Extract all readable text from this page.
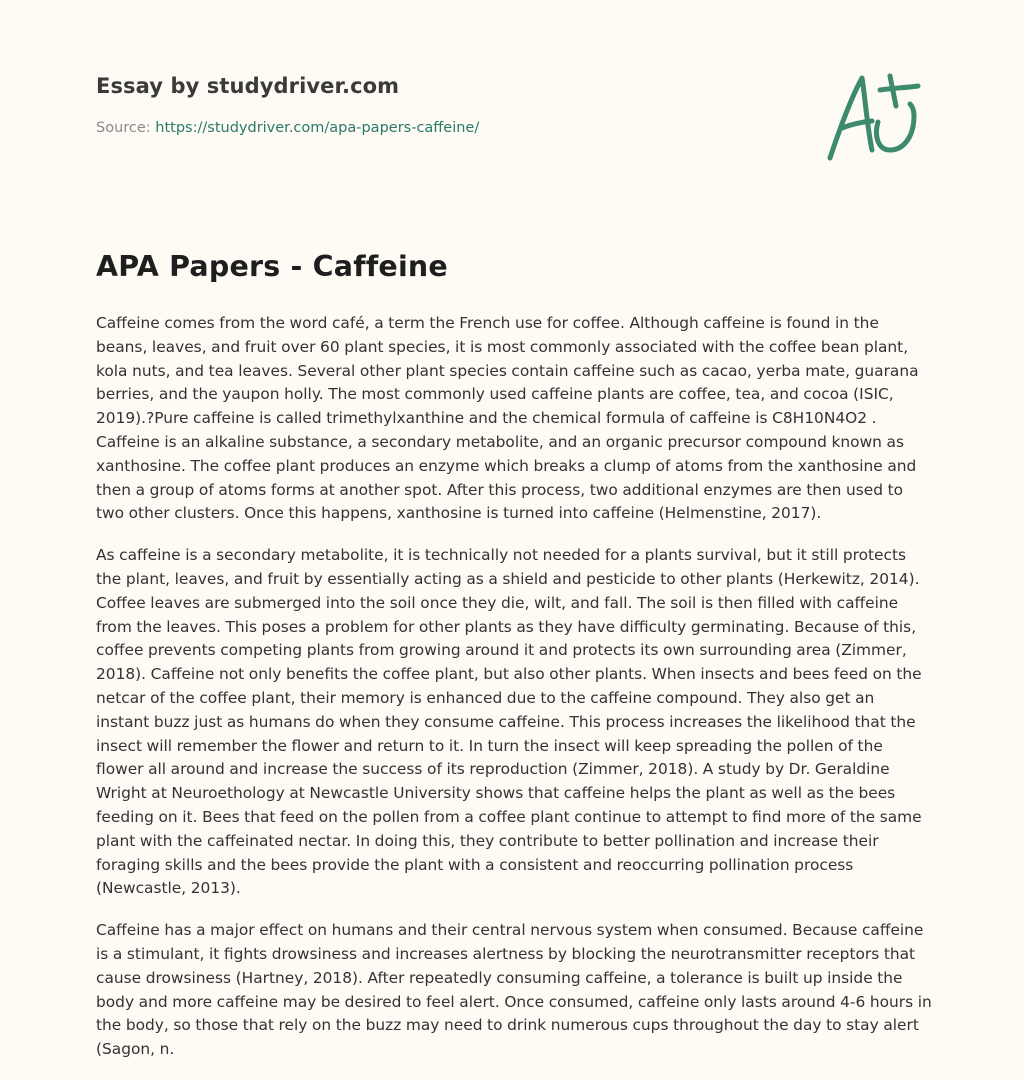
Essay by studydriver.com
Source: https://studydriver.com/apa-papers-caffeine/
APA Papers - Caffeine

Caffeine comes from the word café, a term the French use for coffee. Although caffeine is found in the beans, leaves, and fruit over 60 plant species, it is most commonly associated with the coffee bean plant, kola nuts, and tea leaves. Several other plant species contain caffeine such as cacao, yerba mate, guarana berries, and the yaupon holly. The most commonly used caffeine plants are coffee, tea, and cocoa (ISIC, 2019).?Pure caffeine is called trimethylxanthine and the chemical formula of caffeine is C8H10N4O2 . Caffeine is an alkaline substance, a secondary metabolite, and an organic precursor compound known as xanthosine. The coffee plant produces an enzyme which breaks a clump of atoms from the xanthosine and then a group of atoms forms at another spot. After this process, two additional enzymes are then used to two other clusters. Once this happens, xanthosine is turned into caffeine (Helmenstine, 2017).

As caffeine is a secondary metabolite, it is technically not needed for a plants survival, but it still protects the plant, leaves, and fruit by essentially acting as a shield and pesticide to other plants (Herkewitz, 2014). Coffee leaves are submerged into the soil once they die, wilt, and fall. The soil is then filled with caffeine from the leaves. This poses a problem for other plants as they have difficulty germinating. Because of this, coffee prevents competing plants from growing around it and protects its own surrounding area (Zimmer, 2018). Caffeine not only benefits the coffee plant, but also other plants. When insects and bees feed on the netcar of the coffee plant, their memory is enhanced due to the caffeine compound. They also get an instant buzz just as humans do when they consume caffeine. This process increases the likelihood that the insect will remember the flower and return to it. In turn the insect will keep spreading the pollen of the flower all around and increase the success of its reproduction (Zimmer, 2018). A study by Dr. Geraldine Wright at Neuroethology at Newcastle University shows that caffeine helps the plant as well as the bees feeding on it. Bees that feed on the pollen from a coffee plant continue to attempt to find more of the same plant with the caffeinated nectar. In doing this, they contribute to better pollination and increase their foraging skills and the bees provide the plant with a consistent and reoccurring pollination process (Newcastle, 2013).

Caffeine has a major effect on humans and their central nervous system when consumed. Because caffeine is a stimulant, it fights drowsiness and increases alertness by blocking the neurotransmitter receptors that cause drowsiness (Hartney, 2018). After repeatedly consuming caffeine, a tolerance is built up inside the body and more caffeine may be desired to feel alert. Once consumed, caffeine only lasts around 4-6 hours in the body, so those that rely on the buzz may need to drink numerous cups throughout the day to stay alert (Sagon, n.
